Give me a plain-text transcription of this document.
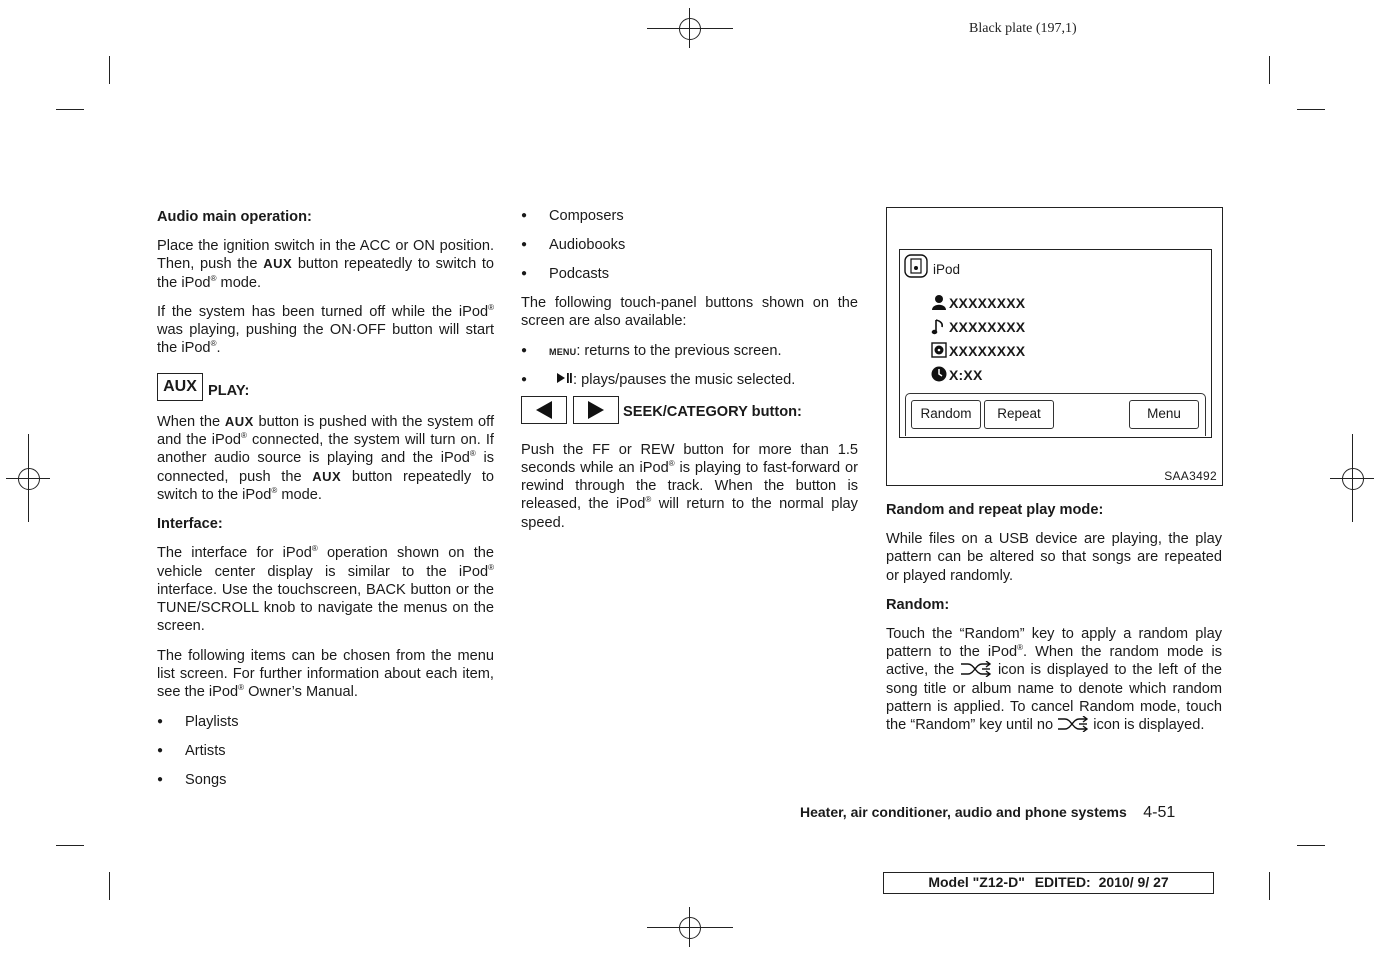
Black plate (197,1)
Audio main operation:

Place the ignition switch in the ACC or ON position. Then, push the AUX button repeatedly to switch to the iPod® mode.

If the system has been turned off while the iPod® was playing, pushing the ON·OFF button will start the iPod®.

AUX PLAY:

When the AUX button is pushed with the system off and the iPod® connected, the system will turn on. If another audio source is playing and the iPod® is connected, push the AUX button repeatedly to switch to the iPod® mode.

Interface:

The interface for iPod® operation shown on the vehicle center display is similar to the iPod® interface. Use the touchscreen, BACK button or the TUNE/SCROLL knob to navigate the menus on the screen.

The following items can be chosen from the menu list screen. For further information about each item, see the iPod® Owner’s Manual.

● Playlists
● Artists
● Songs
● Composers
● Audiobooks
● Podcasts

The following touch-panel buttons shown on the screen are also available:

● MENU: returns to the previous screen.
● : plays/pauses the music selected.

SEEK/CATEGORY button:

Push the FF or REW button for more than 1.5 seconds while an iPod® is playing to fast-forward or rewind through the track. When the button is released, the iPod® will return to the normal play speed.

iPod
XXXXXXXX
XXXXXXXX
XXXXXXXX
X:XX
Random	Repeat	Menu
SAA3492
Random and repeat play mode:

While files on a USB device are playing, the play pattern can be altered so that songs are repeated or played randomly.

Random:

Touch the “Random” key to apply a random play pattern to the iPod®. When the random mode is active, the	icon is displayed to the left of the song title or album name to denote which random pattern is applied. To cancel Random mode, touch the “Random” key until no	icon is displayed.

Heater, air conditioner, audio and phone systems 4-51
Model "Z12-D" EDITED: 2010/ 9/ 27
